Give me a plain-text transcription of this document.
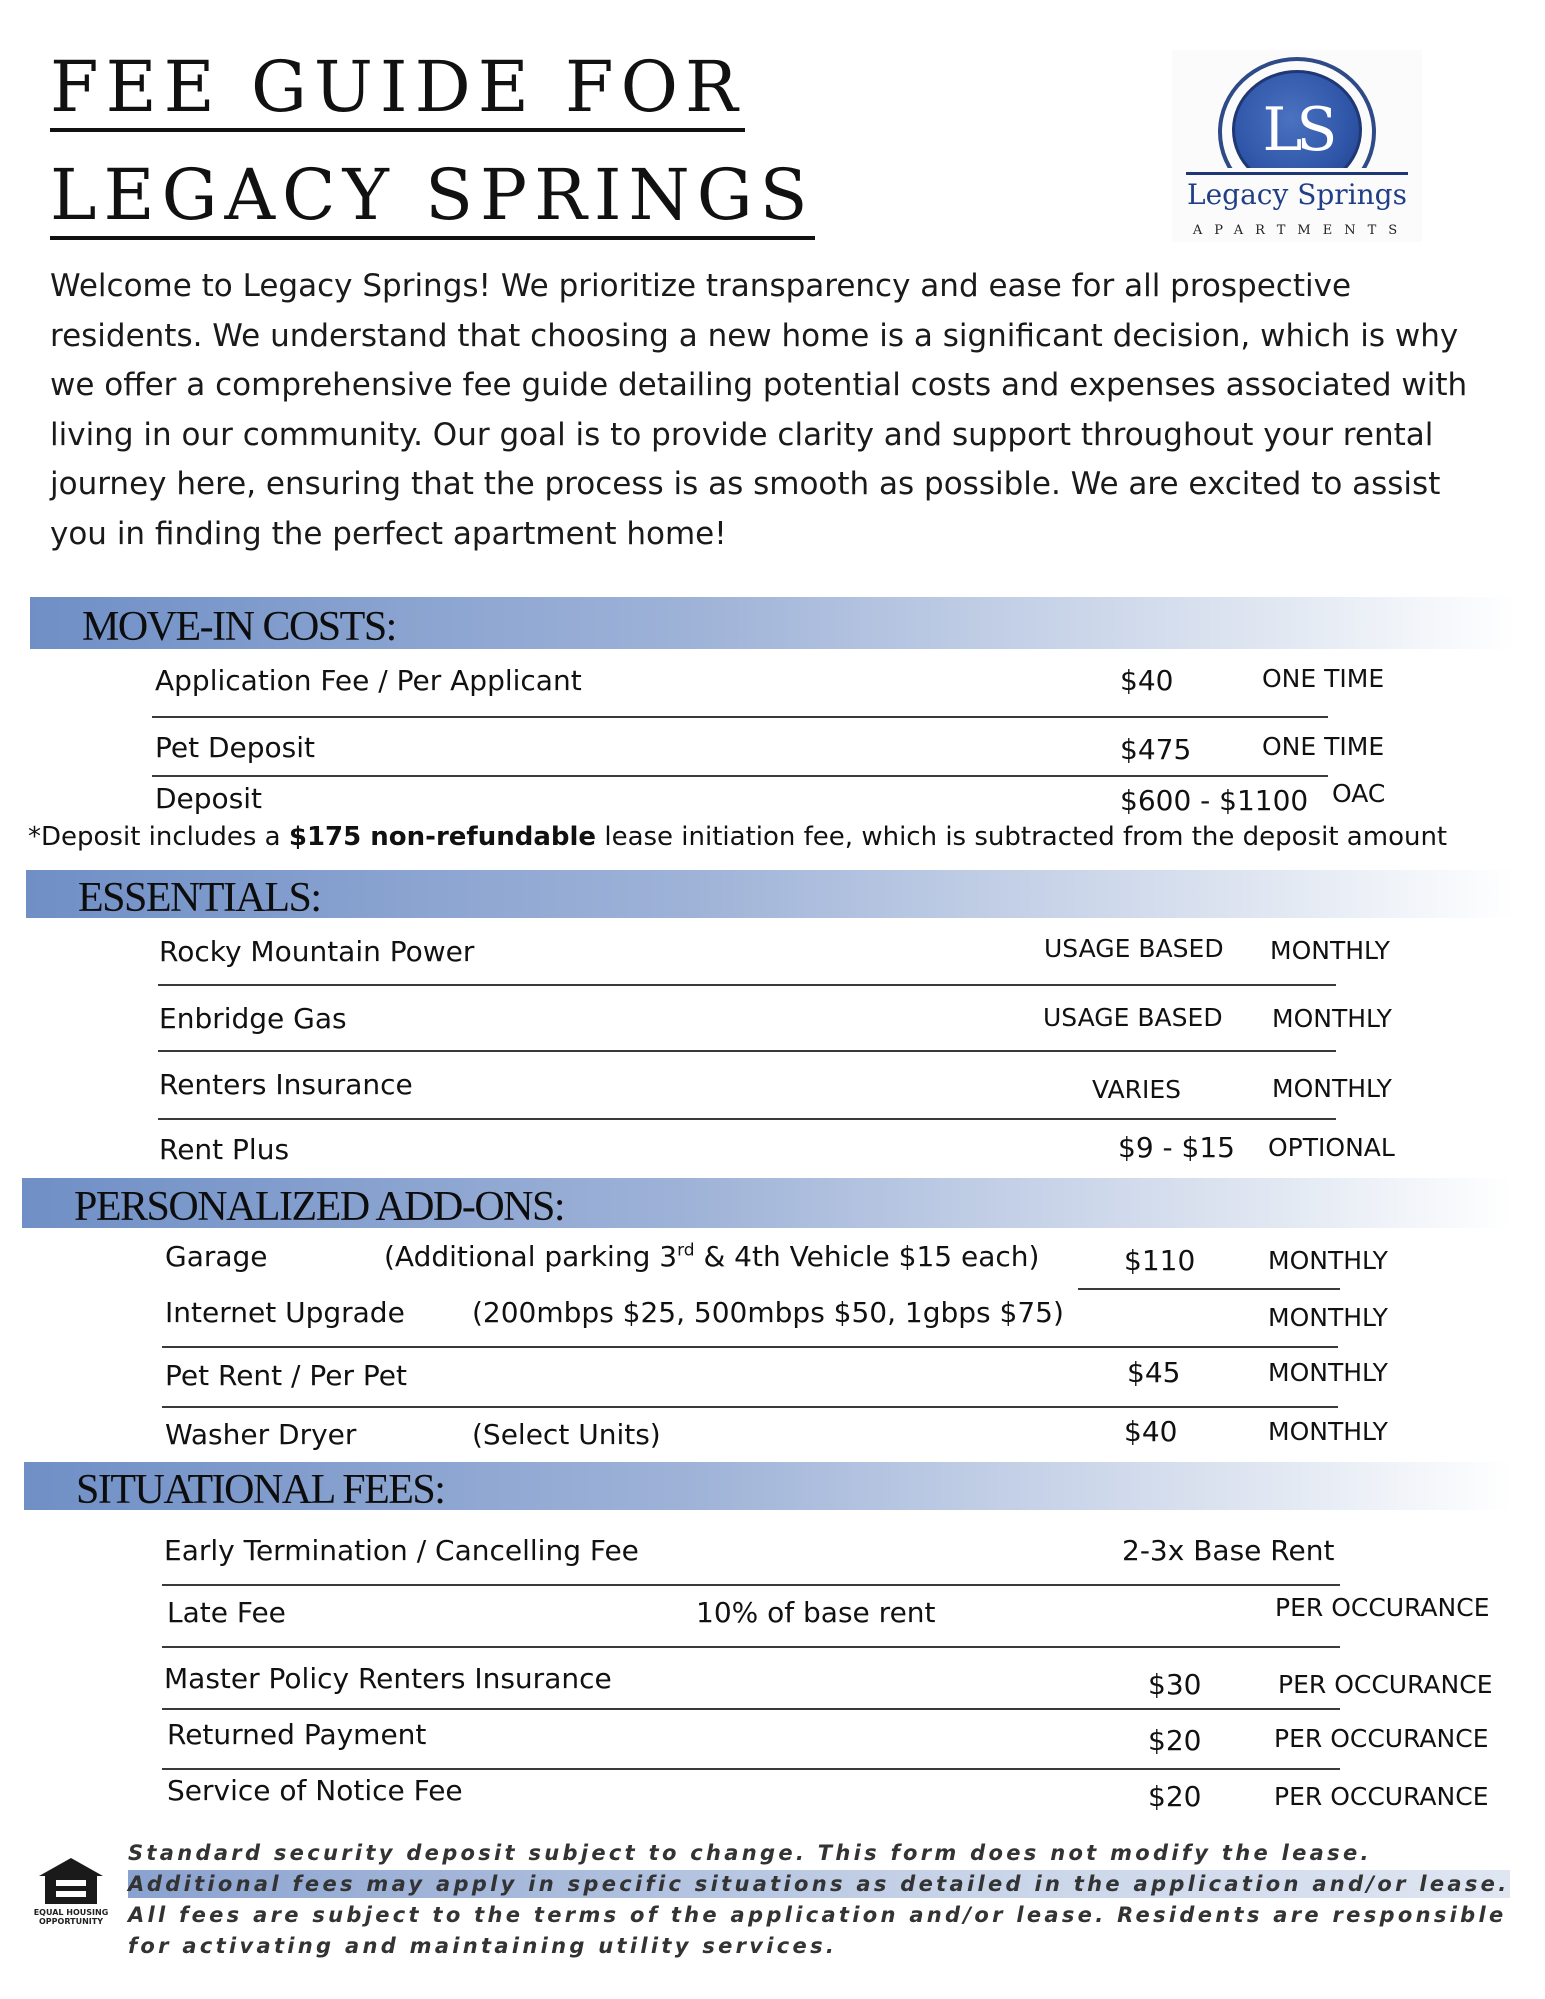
FEE GUIDE FOR
LEGACY SPRINGS
LS
Legacy Springs
APARTMENTS
Welcome to Legacy Springs! We prioritize transparency and ease for all prospective residents. We understand that choosing a new home is a significant decision, which is why we offer a comprehensive fee guide detailing potential costs and expenses associated with living in our community. Our goal is to provide clarity and support throughout your rental journey here, ensuring that the process is as smooth as possible. We are excited to assist you in finding the perfect apartment home!
MOVE-IN COSTS:
Application Fee / Per Applicant	$40	ONE TIME
Pet Deposit	$475	ONE TIME
Deposit	$600 - $1100 OAC
*Deposit includes a $175 non-refundable lease initiation fee, which is subtracted from the deposit amount
ESSENTIALS:
Rocky Mountain Power	USAGE BASED MONTHLY
Enbridge Gas	USAGE BASED MONTHLY
Renters Insurance	VARIES	MONTHLY
Rent Plus	$9 - $15 OPTIONAL
PERSONALIZED ADD-ONS:
Garage	(Additional parking 3rd & 4th Vehicle $15 each)	$110	MONTHLY
Internet Upgrade (200mbps $25, 500mbps $50, 1gbps $75)	MONTHLY
Pet Rent / Per Pet	$45	MONTHLY
Washer Dryer	(Select Units)	$40	MONTHLY
SITUATIONAL FEES:
Early Termination / Cancelling Fee	2-3x Base Rent
Late Fee	10% of base rent	PER OCCURANCE
Master Policy Renters Insurance	$30	PER OCCURANCE
Returned Payment	$20	PER OCCURANCE
Service of Notice Fee	$20	PER OCCURANCE
EQUAL HOUSING OPPORTUNITY
Standard security deposit subject to change. This form does not modify the lease. Additional fees may apply in specific situations as detailed in the application and/or lease. All fees are subject to the terms of the application and/or lease. Residents are responsible for activating and maintaining utility services.
